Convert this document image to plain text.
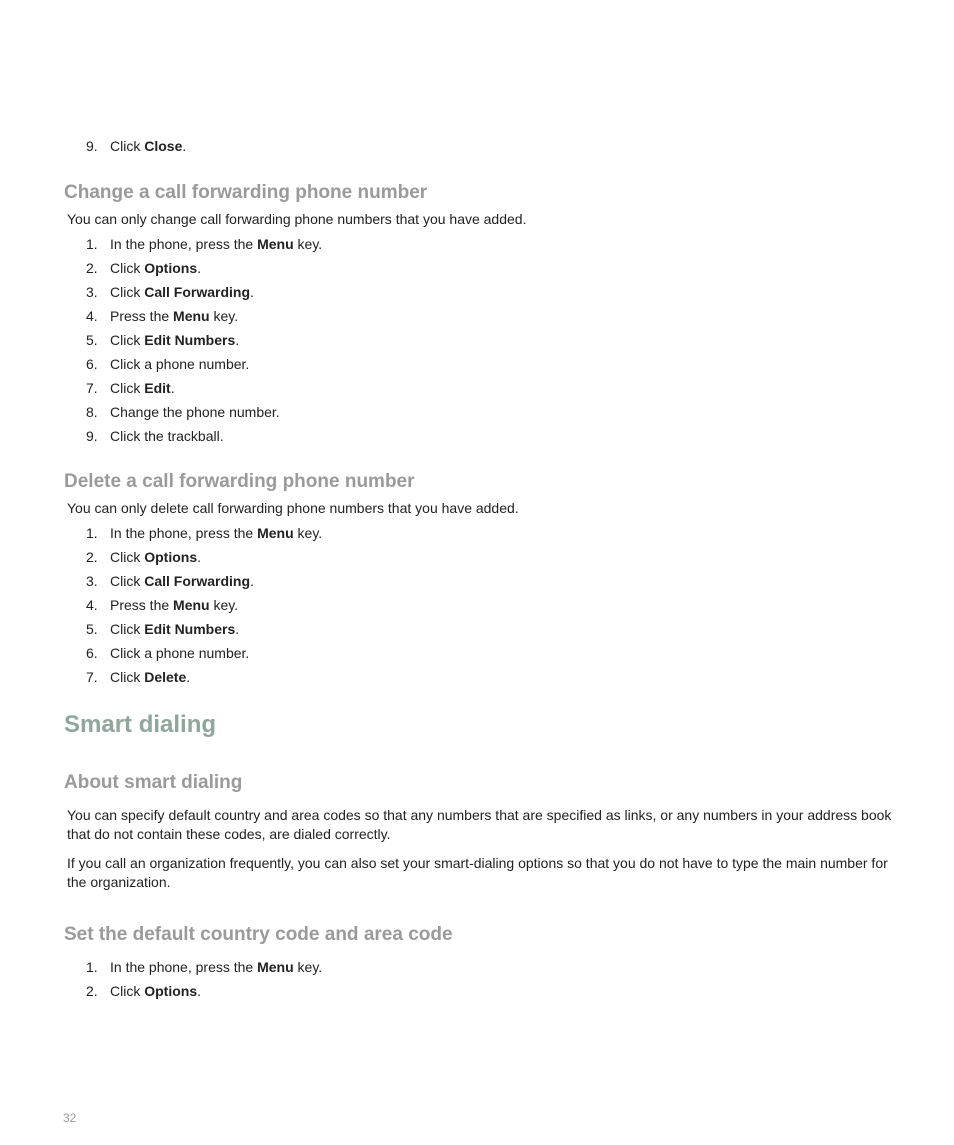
9. Click Close.
Change a call forwarding phone number

You can only change call forwarding phone numbers that you have added.

1. In the phone, press the Menu key.
2. Click Options.
3. Click Call Forwarding.
4. Press the Menu key.
5. Click Edit Numbers.
6. Click a phone number.
7. Click Edit.
8. Change the phone number.
9. Click the trackball.
Delete a call forwarding phone number

You can only delete call forwarding phone numbers that you have added.

1. In the phone, press the Menu key.
2. Click Options.
3. Click Call Forwarding.
4. Press the Menu key.
5. Click Edit Numbers.
6. Click a phone number.
7. Click Delete.
Smart dialing
About smart dialing

You can specify default country and area codes so that any numbers that are specified as links, or any numbers in your address book that do not contain these codes, are dialed correctly.

If you call an organization frequently, you can also set your smart-dialing options so that you do not have to type the main number for the organization.

Set the default country code and area code
1. In the phone, press the Menu key.
2. Click Options.
32
